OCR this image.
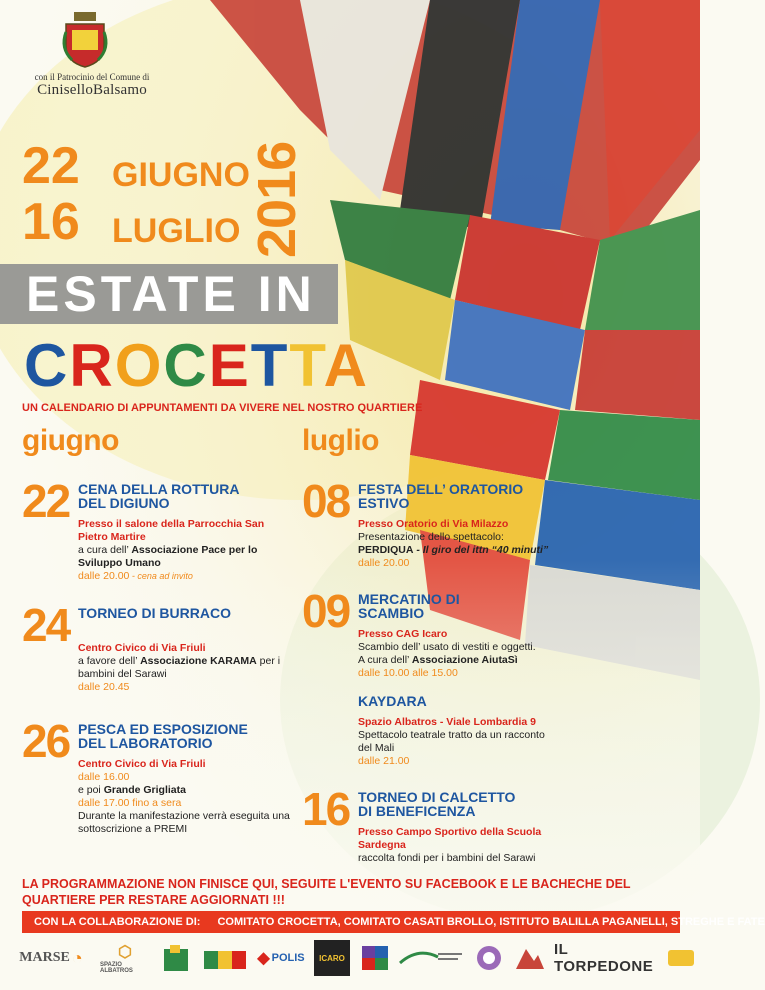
con il Patrocinio del Comune di
CiniselloBalsamo
22 GIUGNO
16 LUGLIO 2016
ESTATE IN
CROCETTA
UN CALENDARIO DI APPUNTAMENTI DA VIVERE NEL NOSTRO QUARTIERE
giugno	luglio
22 CENA DELLA ROTTURA
DEL DIGIUNO
Presso il salone della Parrocchia San
Pietro Martire
a cura dell’ Associazione Pace per lo
Sviluppo Umano
dalle 20.00 - cena ad invito
24 TORNEO DI BURRACO
Centro Civico di Via Friuli
a favore dell’ Associazione KARAMA per i
bambini del Sarawi
dalle 20.45
26 PESCA ED ESPOSIZIONE
DEL LABORATORIO
Centro Civico di Via Friuli
dalle 16.00
e poi Grande Grigliata
dalle 17.00 fino a sera
Durante la manifestazione verrà eseguita una
sottoscrizione a PREMI
08 FESTA DELL’ ORATORIO
ESTIVO
Presso Oratorio di Via Milazzo
Presentazione dello spettacolo:
PERDIQUA - Il giro del ittn “40 minuti”
dalle 20.00
09 MERCATINO DI
SCAMBIO
Presso CAG Icaro
Scambio dell’ usato di vestiti e oggetti.
A cura dell’ Associazione AiutaSì
dalle 10.00 alle 15.00
KAYDARA
Spazio Albatros - Viale Lombardia 9
Spettacolo teatrale tratto da un racconto
del Mali
dalle 21.00
16 TORNEO DI CALCETTO
DI BENEFICENZA
Presso Campo Sportivo della Scuola
Sardegna
raccolta fondi per i bambini del Sarawi
LA PROGRAMMAZIONE NON FINISCE QUI, SEGUITE L'EVENTO SU FACEBOOK E LE BACHECHE DEL QUARTIERE PER RESTARE AGGIORNATI !!!
CON LA COLLABORAZIONE DI: COMITATO CROCETTA, COMITATO CASATI BROLLO, ISTITUTO BALILLA PAGANELLI, STREGHE E FATE
MARSE ◔ ⬡
SPAZIO ALBATROS
◆ POLIS	ICARO	IL TORPEDONE
